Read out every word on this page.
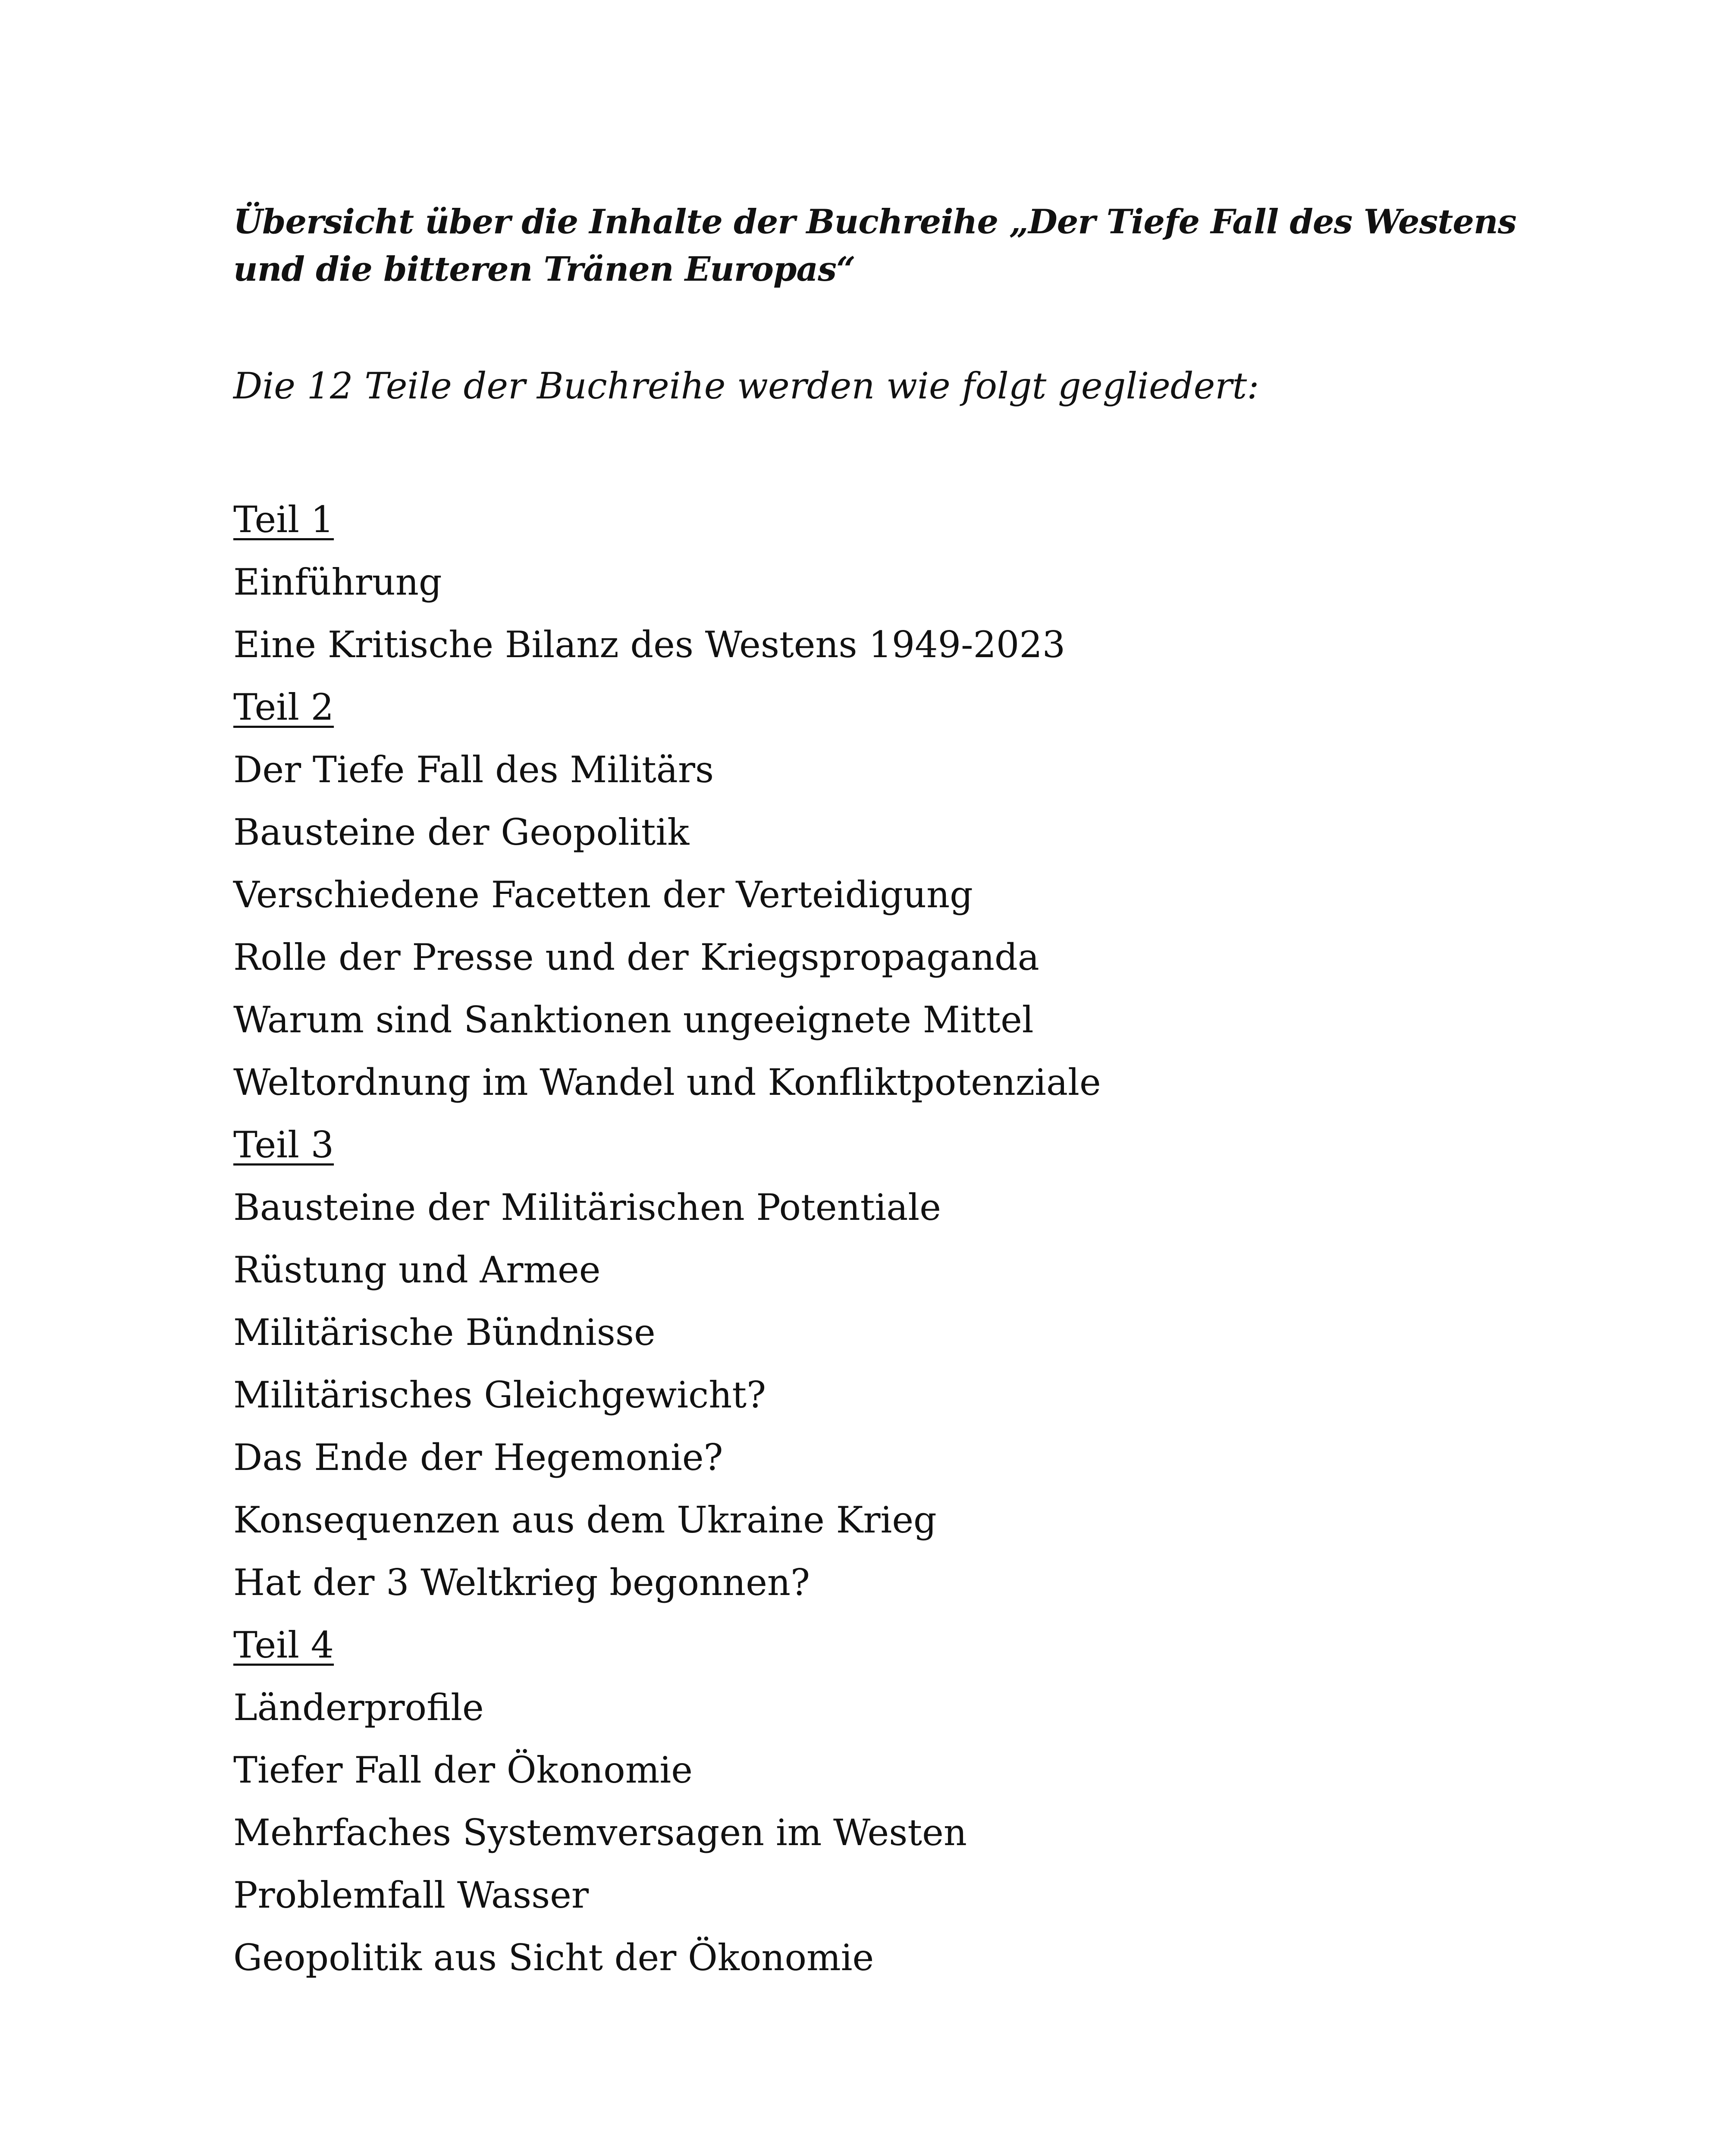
Übersicht über die Inhalte der Buchreihe „Der Tiefe Fall des Westens und die bitteren Tränen Europas“

Die 12 Teile der Buchreihe werden wie folgt gegliedert:

Teil 1
Einführung
Eine Kritische Bilanz des Westens 1949-2023
Teil 2
Der Tiefe Fall des Militärs
Bausteine der Geopolitik
Verschiedene Facetten der Verteidigung
Rolle der Presse und der Kriegspropaganda
Warum sind Sanktionen ungeeignete Mittel
Weltordnung im Wandel und Konfliktpotenziale
Teil 3
Bausteine der Militärischen Potentiale
Rüstung und Armee
Militärische Bündnisse
Militärisches Gleichgewicht?
Das Ende der Hegemonie?
Konsequenzen aus dem Ukraine Krieg
Hat der 3 Weltkrieg begonnen?
Teil 4
Länderprofile
Tiefer Fall der Ökonomie
Mehrfaches Systemversagen im Westen
Problemfall Wasser
Geopolitik aus Sicht der Ökonomie
